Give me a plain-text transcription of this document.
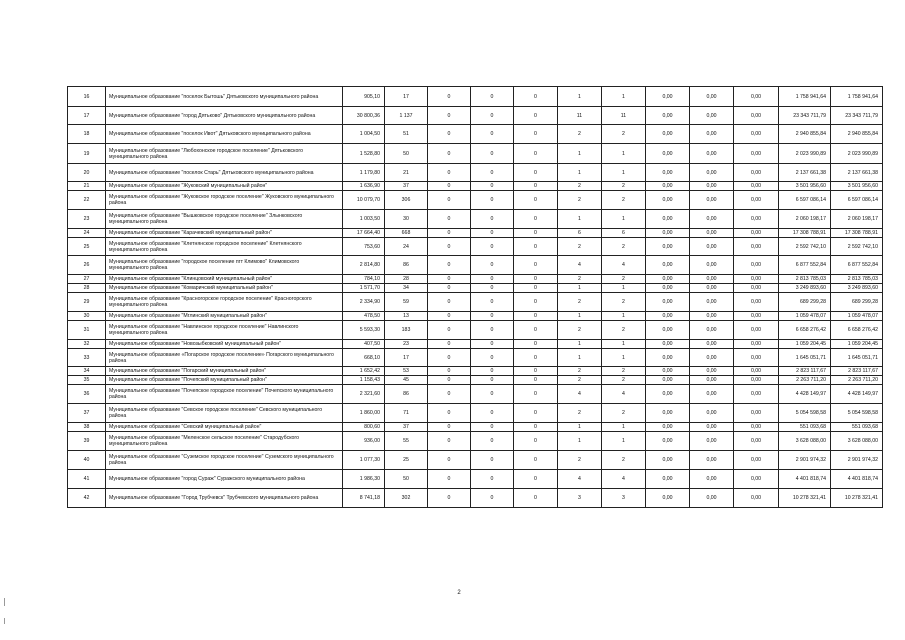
16	Муниципальное образование "поселок Бытошь" Дятьковского муниципального района	905,10	17	0	0	0	1	1	0,00	0,00	0,00	1 758 941,64	1 758 941,64
17	Муниципальное образование "город Дятьково" Дятьковского муниципального района	30 800,36	1 137	0	0	0	11	11	0,00	0,00	0,00	23 343 711,79	23 343 711,79
18	Муниципальное образование "поселок Ивот" Дятьковского муниципального района	1 004,50	51	0	0	0	2	2	0,00	0,00	0,00	2 940 855,84	2 940 855,84
19	Муниципальное образование "Любохонское городское поселение" Дятьковского муниципального района	1 528,80	50	0	0	0	1	1	0,00	0,00	0,00	2 023 990,89	2 023 990,89
20	Муниципальное образование "поселок Старь" Дятьковского муниципального района	1 179,80	21	0	0	0	1	1	0,00	0,00	0,00	2 137 661,38	2 137 661,38
21	Муниципальное образование "Жуковский муниципальный район"	1 636,90	37	0	0	0	2	2	0,00	0,00	0,00	3 501 956,60	3 501 956,60
22	Муниципальное образование "Жуковское городское поселение" Жуковского муниципального района	10 079,70	306	0	0	0	2	2	0,00	0,00	0,00	6 597 086,14	6 597 086,14
23	Муниципальное образование "Вышковское городское поселение" Злынковского муниципального района	1 003,50	30	0	0	0	1	1	0,00	0,00	0,00	2 060 198,17	2 060 198,17
24	Муниципальное образование "Карачевский муниципальный район"	17 664,40	668	0	0	0	6	6	0,00	0,00	0,00	17 308 788,91	17 308 788,91
25	Муниципальное образование "Клетнянское городское поселение" Клетнянского муниципального района	753,60	24	0	0	0	2	2	0,00	0,00	0,00	2 592 742,10	2 592 742,10
26	Муниципальное образование "городское поселение пгт Климово" Климовского муниципального района	2 814,80	86	0	0	0	4	4	0,00	0,00	0,00	6 877 552,84	6 877 552,84
27	Муниципальное образование "Клинцовский муниципальный район"	784,10	28	0	0	0	2	2	0,00	0,00	0,00	2 813 785,03	2 813 785,03
28	Муниципальное образование "Комаричский муниципальный район"	1 571,70	34	0	0	0	1	1	0,00	0,00	0,00	3 249 893,60	3 249 893,60
29	Муниципальное образование "Красногорское городское поселение" Красногорского муниципального района	2 334,90	59	0	0	0	2	2	0,00	0,00	0,00	689 299,28	689 299,28
30	Муниципальное образование "Мглинский муниципальный район"	478,50	13	0	0	0	1	1	0,00	0,00	0,00	1 059 478,07	1 059 478,07
31	Муниципальное образование "Навлинское городское поселение" Навлинского муниципального района	5 593,30	183	0	0	0	2	2	0,00	0,00	0,00	6 658 276,42	6 658 276,42
32	Муниципальное образование "Новозыбковский муниципальный район"	407,50	23	0	0	0	1	1	0,00	0,00	0,00	1 059 204,45	1 059 204,45
33	Муниципальное образование «Погарское городское поселение» Погарского муниципального района	668,10	17	0	0	0	1	1	0,00	0,00	0,00	1 645 051,71	1 645 051,71
34	Муниципальное образование "Погарский муниципальный район"	1 652,42	53	0	0	0	2	2	0,00	0,00	0,00	2 823 117,67	2 823 117,67
35	Муниципальное образование "Почепский муниципальный район"	1 158,43	45	0	0	0	2	2	0,00	0,00	0,00	2 263 711,20	2 263 711,20
36	Муниципальное образование "Почепское городское поселение" Почепского муниципального района	2 321,60	86	0	0	0	4	4	0,00	0,00	0,00	4 428 149,97	4 428 149,97
37	Муниципальное образование "Севское городское поселение" Севского муниципального района	1 860,00	71	0	0	0	2	2	0,00	0,00	0,00	5 054 598,58	5 054 598,58
38	Муниципальное образование "Севский муниципальный район"	800,60	37	0	0	0	1	1	0,00	0,00	0,00	551 093,68	551 093,68
39	Муниципальное образование "Меленское сельское поселение" Стародубского муниципального района	936,00	55	0	0	0	1	1	0,00	0,00	0,00	3 628 088,00	3 628 088,00
40	Муниципальное образование "Суземское городское поселение" Суземского муниципального района	1 077,30	25	0	0	0	2	2	0,00	0,00	0,00	2 901 974,32	2 901 974,32
41	Муниципальное образование "город Сураж" Суражского муниципального района	1 986,30	50	0	0	0	4	4	0,00	0,00	0,00	4 401 818,74	4 401 818,74
42	Муниципальное образование "Город Трубчевск" Трубчевского муниципального района	8 741,18	302	0	0	0	3	3	0,00	0,00	0,00	10 278 321,41	10 278 321,41
2
